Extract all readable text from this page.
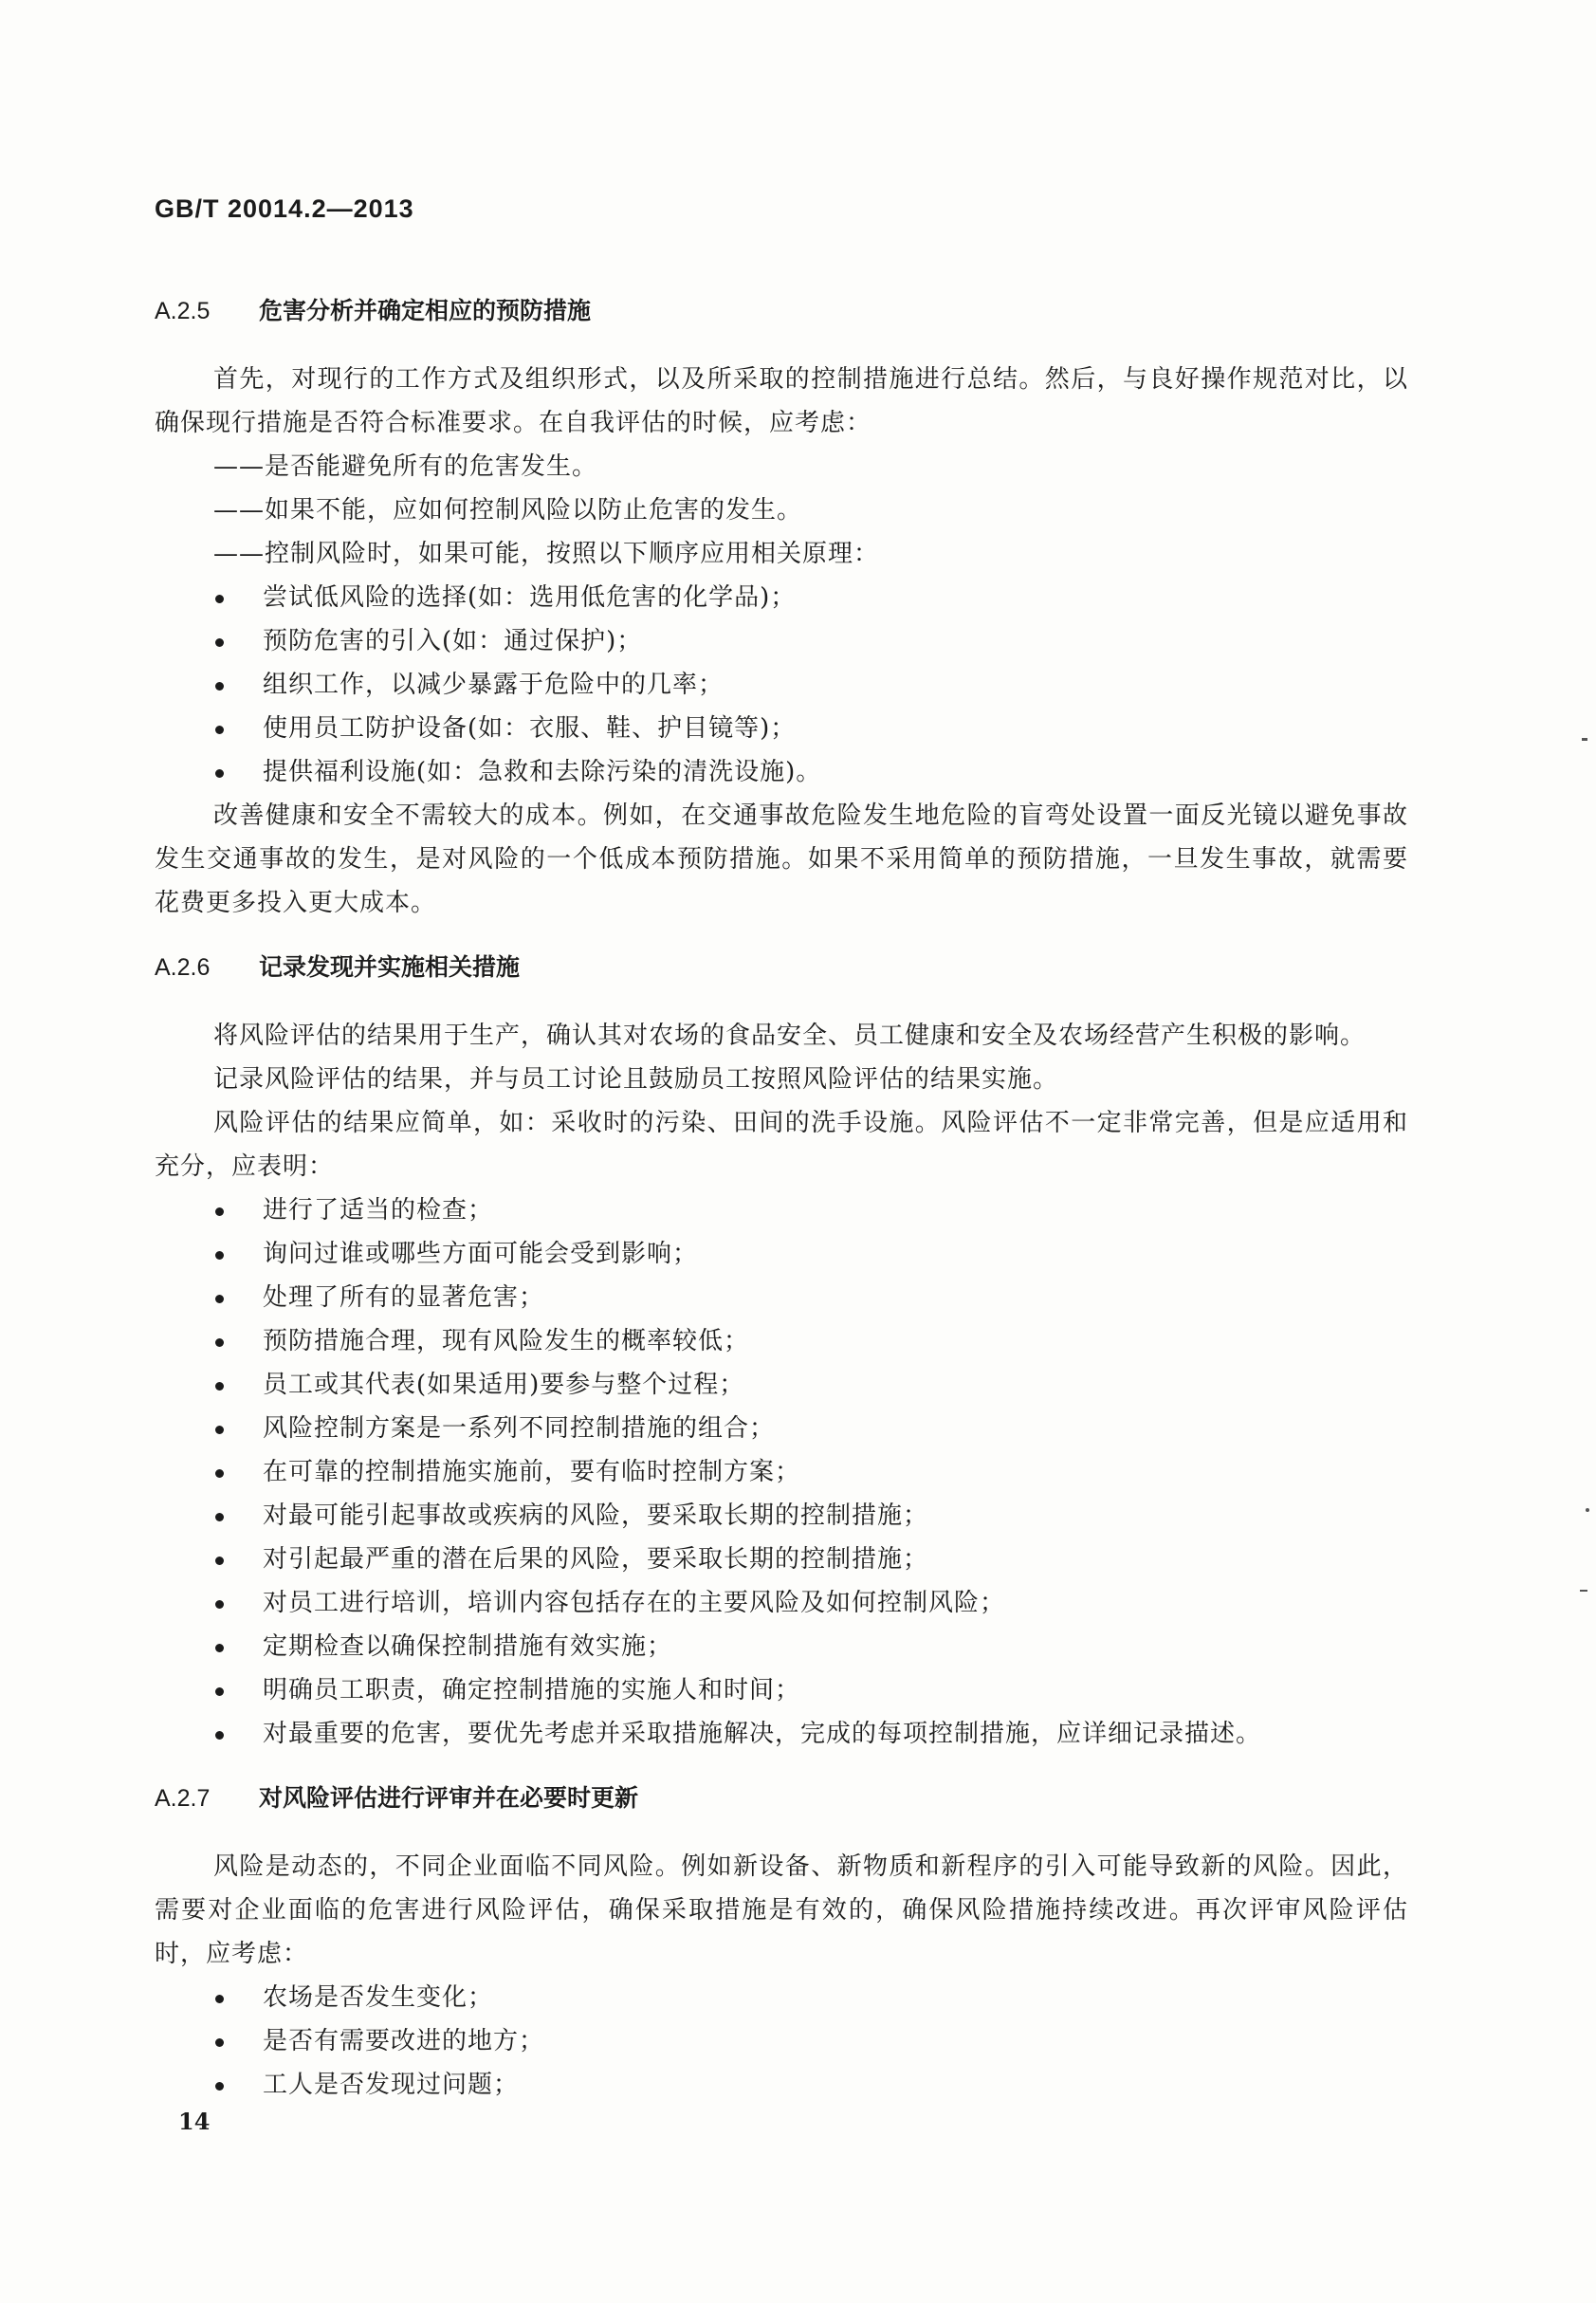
GB/T 20014.2—2013
A.2.5 危害分析并确定相应的预防措施

首先，对现行的工作方式及组织形式，以及所采取的控制措施进行总结。然后，与良好操作规范对比，以确保现行措施是否符合标准要求。在自我评估的时候，应考虑：

——是否能避免所有的危害发生。

——如果不能，应如何控制风险以防止危害的发生。

——控制风险时，如果可能，按照以下顺序应用相关原理：

尝试低风险的选择(如：选用低危害的化学品)；

预防危害的引入(如：通过保护)；

组织工作，以减少暴露于危险中的几率；

使用员工防护设备(如：衣服、鞋、护目镜等)；

提供福利设施(如：急救和去除污染的清洗设施)。

改善健康和安全不需较大的成本。例如，在交通事故危险发生地危险的盲弯处设置一面反光镜以避免事故发生交通事故的发生，是对风险的一个低成本预防措施。如果不采用简单的预防措施，一旦发生事故，就需要花费更多投入更大成本。

A.2.6 记录发现并实施相关措施

将风险评估的结果用于生产，确认其对农场的食品安全、员工健康和安全及农场经营产生积极的影响。

记录风险评估的结果，并与员工讨论且鼓励员工按照风险评估的结果实施。

风险评估的结果应简单，如：采收时的污染、田间的洗手设施。风险评估不一定非常完善，但是应适用和充分，应表明：

进行了适当的检查；

询问过谁或哪些方面可能会受到影响；

处理了所有的显著危害；

预防措施合理，现有风险发生的概率较低；

员工或其代表(如果适用)要参与整个过程；

风险控制方案是一系列不同控制措施的组合；

在可靠的控制措施实施前，要有临时控制方案；

对最可能引起事故或疾病的风险，要采取长期的控制措施；

对引起最严重的潜在后果的风险，要采取长期的控制措施；

对员工进行培训，培训内容包括存在的主要风险及如何控制风险；

定期检查以确保控制措施有效实施；

明确员工职责，确定控制措施的实施人和时间；

对最重要的危害，要优先考虑并采取措施解决，完成的每项控制措施，应详细记录描述。

A.2.7 对风险评估进行评审并在必要时更新

风险是动态的，不同企业面临不同风险。例如新设备、新物质和新程序的引入可能导致新的风险。因此，需要对企业面临的危害进行风险评估，确保采取措施是有效的，确保风险措施持续改进。再次评审风险评估时，应考虑：

农场是否发生变化；

是否有需要改进的地方；

工人是否发现过问题；

14
